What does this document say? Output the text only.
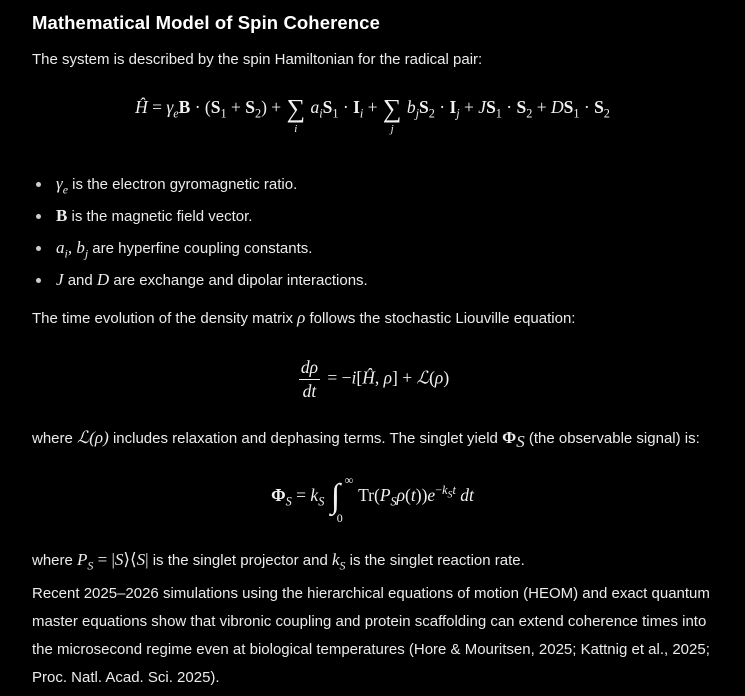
Mathematical Model of Spin Coherence

The system is described by the spin Hamiltonian for the radical pair:

Ĥ = $\gamma_eB \cdot (S_1 + S_2)$ + ∑
i
$a_iS_1 \cdot I_i$ + ∑
j
$b_jS_2 \cdot I_j + JS_1 \cdot S_2 + DS_1 \cdot S_2$
$\gamma_e$ is the electron gyromagnetic ratio.
B is the magnetic field vector.
$a_i$, $b_j$ are hyperfine coupling constants.
J and D are exchange and dipolar interactions.

The time evolution of the density matrix ρ follows the stochastic Liouville equation:

$\frac{d\rho}{dt}$ = −i[Ĥ, ρ] + ℒ(ρ)

where ℒ(ρ) includes relaxation and dephasing terms. The singlet yield $\Phi_S$ (the observable signal) is:

$\Phi_S = k_S$ ∫ ∞
0
$Tr(P_S\rho(t))e^{-k_St}$ dt

where $P_S$ = |S⟩⟨S| is the singlet projector and $k_S$ is the singlet reaction rate.

Recent 2025–2026 simulations using the hierarchical equations of motion (HEOM) and exact quantum
master equations show that vibronic coupling and protein scaffolding can extend coherence times into
the microsecond regime even at biological temperatures (Hore & Mouritsen, 2025; Kattnig et al., 2025;
Proc. Natl. Acad. Sci. 2025).
